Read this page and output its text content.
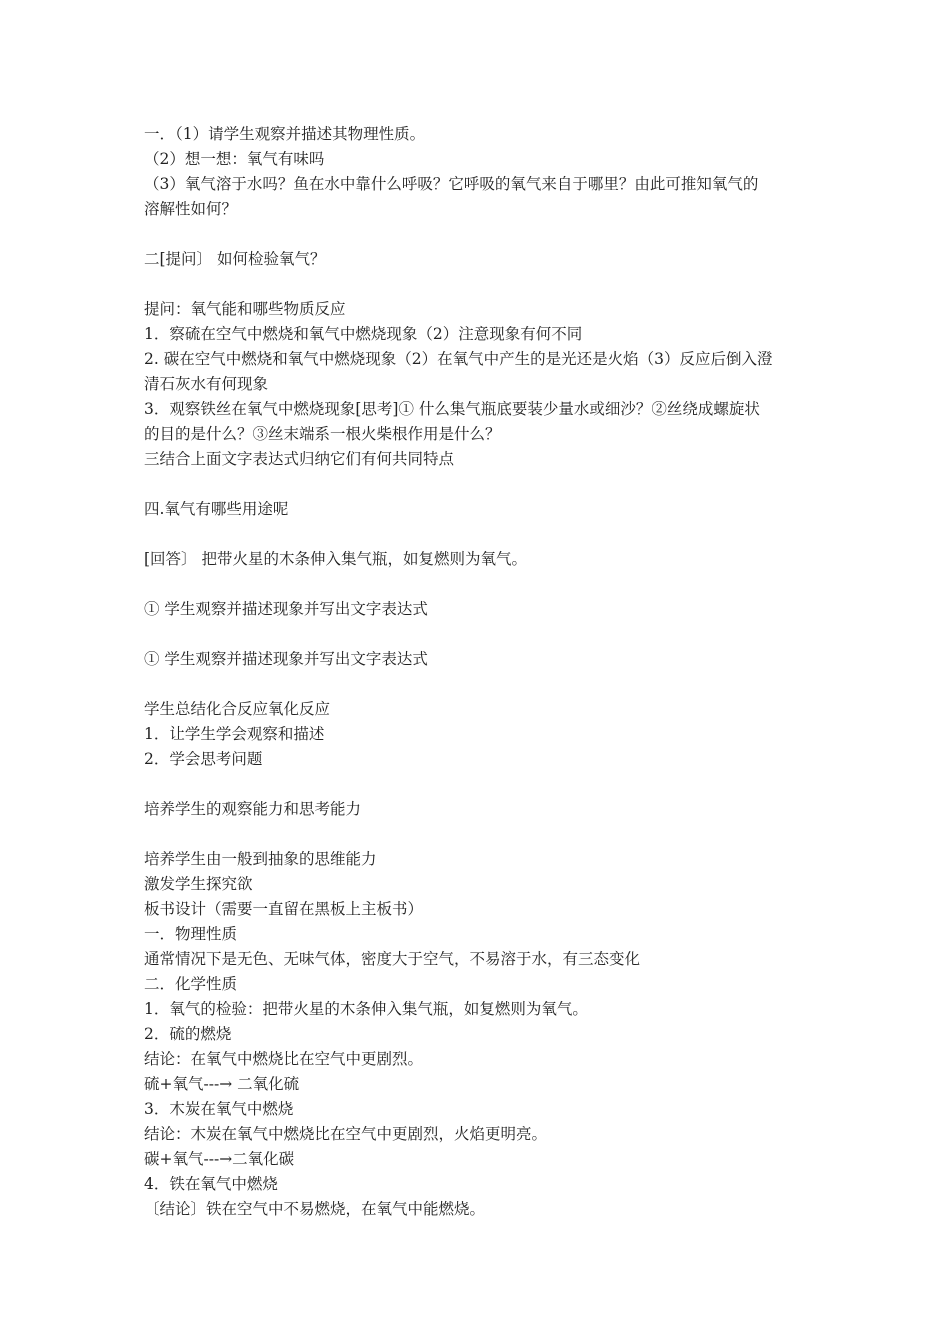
一．（1）请学生观察并描述其物理性质。
（2）想一想：氧气有味吗
（3）氧气溶于水吗？鱼在水中靠什么呼吸？它呼吸的氧气来自于哪里？由此可推知氧气的
溶解性如何？
二[提问〕 如何检验氧气？
提问：氧气能和哪些物质反应
1．察硫在空气中燃烧和氧气中燃烧现象（2）注意现象有何不同
2. 碳在空气中燃烧和氧气中燃烧现象（2）在氧气中产生的是光还是火焰（3）反应后倒入澄
清石灰水有何现象
3．观察铁丝在氧气中燃烧现象[思考]① 什么集气瓶底要装少量水或细沙？②丝绕成螺旋状
的目的是什么？③丝末端系一根火柴根作用是什么？
三结合上面文字表达式归纳它们有何共同特点
四.氧气有哪些用途呢
[回答〕 把带火星的木条伸入集气瓶，如复燃则为氧气。
① 学生观察并描述现象并写出文字表达式
① 学生观察并描述现象并写出文字表达式
学生总结化合反应氧化反应
1．让学生学会观察和描述
2．学会思考问题
培养学生的观察能力和思考能力
培养学生由一般到抽象的思维能力
激发学生探究欲
板书设计（需要一直留在黑板上主板书）
一．物理性质
通常情况下是无色、无味气体，密度大于空气，不易溶于水，有三态变化
二．化学性质
1．氧气的检验：把带火星的木条伸入集气瓶，如复燃则为氧气。
2．硫的燃烧
结论：在氧气中燃烧比在空气中更剧烈。
硫+氧气---→ 二氧化硫
3．木炭在氧气中燃烧
结论：木炭在氧气中燃烧比在空气中更剧烈，火焰更明亮。
碳+氧气---→二氧化碳
4．铁在氧气中燃烧
〔结论〕铁在空气中不易燃烧，在氧气中能燃烧。
